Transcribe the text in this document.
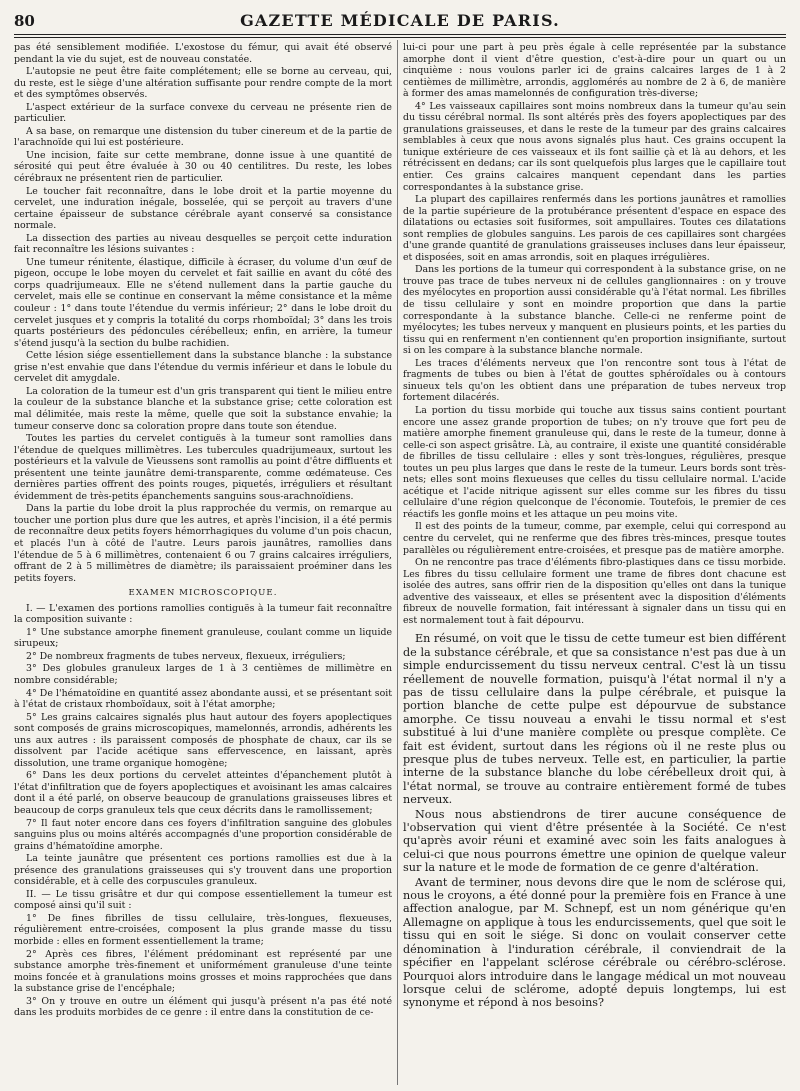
80	GAZETTE MÉDICALE DE PARIS.

pas été sensiblement modifiée. L'exostose du fémur, qui avait été observé pendant la vie du sujet, est de nouveau constatée.

L'autopsie ne peut être faite complétement; elle se borne au cerveau, qui, du reste, est le siège d'une altération suffisante pour rendre compte de la mort et des symptômes observés.

L'aspect extérieur de la surface convexe du cerveau ne présente rien de particulier.

A sa base, on remarque une distension du tuber cinereum et de la partie de l'arachnoïde qui lui est postérieure.

Une incision, faite sur cette membrane, donne issue à une quantité de sérosité qui peut être évaluée à 30 ou 40 centilitres. Du reste, les lobes cérébraux ne présentent rien de particulier.

Le toucher fait reconnaître, dans le lobe droit et la partie moyenne du cervelet, une induration inégale, bosselée, qui se perçoit au travers d'une certaine épaisseur de substance cérébrale ayant conservé sa consistance normale.

La dissection des parties au niveau desquelles se perçoit cette induration fait reconnaître les lésions suivantes :

Une tumeur rénitente, élastique, difficile à écraser, du volume d'un œuf de pigeon, occupe le lobe moyen du cervelet et fait saillie en avant du côté des corps quadrijumeaux. Elle ne s'étend nullement dans la partie gauche du cervelet, mais elle se continue en conservant la même consistance et la même couleur : 1° dans toute l'étendue du vermis inférieur; 2° dans le lobe droit du cervelet jusques et y compris la totalité du corps rhomboïdal; 3° dans les trois quarts postérieurs des pédoncules cérébelleux; enfin, en arrière, la tumeur s'étend jusqu'à la section du bulbe rachidien.

Cette lésion siége essentiellement dans la substance blanche : la substance grise n'est envahie que dans l'étendue du vermis inférieur et dans le lobule du cervelet dit amygdale.

La coloration de la tumeur est d'un gris transparent qui tient le milieu entre la couleur de la substance blanche et la substance grise; cette coloration est mal délimitée, mais reste la même, quelle que soit la substance envahie; la tumeur conserve donc sa coloration propre dans toute son étendue.

Toutes les parties du cervelet contiguës à la tumeur sont ramollies dans l'étendue de quelques millimètres. Les tubercules quadrijumeaux, surtout les postérieurs et la valvule de Vieussens sont ramollis au point d'être diffluents et présentent une teinte jaunâtre demi-transparente, comme œdémateuse. Ces dernières parties offrent des points rouges, piquetés, irréguliers et résultant évidemment de très-petits épanchements sanguins sous-arachnoïdiens.

Dans la partie du lobe droit la plus rapprochée du vermis, on remarque au toucher une portion plus dure que les autres, et après l'incision, il a été permis de reconnaître deux petits foyers hémorrhagiques du volume d'un pois chacun, et placés l'un à côté de l'autre. Leurs parois jaunâtres, ramollies dans l'étendue de 5 à 6 millimètres, contenaient 6 ou 7 grains calcaires irréguliers, offrant de 2 à 5 millimètres de diamètre; ils paraissaient proéminer dans les petits foyers.

EXAMEN MICROSCOPIQUE.

I. — L'examen des portions ramollies contiguës à la tumeur fait reconnaître la composition suivante :

1° Une substance amorphe finement granuleuse, coulant comme un liquide sirupeux;

2° De nombreux fragments de tubes nerveux, flexueux, irréguliers;

3° Des globules granuleux larges de 1 à 3 centièmes de millimètre en nombre considérable;

4° De l'hématoïdine en quantité assez abondante aussi, et se présentant soit à l'état de cristaux rhomboïdaux, soit à l'état amorphe;

5° Les grains calcaires signalés plus haut autour des foyers apoplectiques sont composés de grains microscopiques, mamelonnés, arrondis, adhérents les uns aux autres : ils paraissent composés de phosphate de chaux, car ils se dissolvent par l'acide acétique sans effervescence, en laissant, après dissolution, une trame organique homogène;

6° Dans les deux portions du cervelet atteintes d'épanchement plutôt à l'état d'infiltration que de foyers apoplectiques et avoisinant les amas calcaires dont il a été parlé, on observe beaucoup de granulations graisseuses libres et beaucoup de corps granuleux tels que ceux décrits dans le ramollissement;

7° Il faut noter encore dans ces foyers d'infiltration sanguine des globules sanguins plus ou moins altérés accompagnés d'une proportion considérable de grains d'hématoïdine amorphe.

La teinte jaunâtre que présentent ces portions ramollies est due à la présence des granulations graisseuses qui s'y trouvent dans une proportion considérable, et à celle des corpuscules granuleux.

II. — Le tissu grisâtre et dur qui compose essentiellement la tumeur est composé ainsi qu'il suit :

1° De fines fibrilles de tissu cellulaire, très-longues, flexueuses, régulièrement entre-croisées, composent la plus grande masse du tissu morbide : elles en forment essentiellement la trame;

2° Après ces fibres, l'élément prédominant est représenté par une substance amorphe très-finement et uniformément granuleuse d'une teinte moins foncée et à granulations moins grosses et moins rapprochées que dans la substance grise de l'encéphale;

3° On y trouve en outre un élément qui jusqu'à présent n'a pas été noté dans les produits morbides de ce genre : il entre dans la constitution de ce-

lui-ci pour une part à peu près égale à celle représentée par la substance amorphe dont il vient d'être question, c'est-à-dire pour un quart ou un cinquième : nous voulons parler ici de grains calcaires larges de 1 à 2 centièmes de millimètre, arrondis, agglomérés au nombre de 2 à 6, de manière à former des amas mamelonnés de configuration très-diverse;

4° Les vaisseaux capillaires sont moins nombreux dans la tumeur qu'au sein du tissu cérébral normal. Ils sont altérés près des foyers apoplectiques par des granulations graisseuses, et dans le reste de la tumeur par des grains calcaires semblables à ceux que nous avons signalés plus haut. Ces grains occupent la tunique extérieure de ces vaisseaux et ils font saillie çà et là au dehors, et les rétrécissent en dedans; car ils sont quelquefois plus larges que le capillaire tout entier. Ces grains calcaires manquent cependant dans les parties correspondantes à la substance grise.

La plupart des capillaires renfermés dans les portions jaunâtres et ramollies de la partie supérieure de la protubérance présentent d'espace en espace des dilatations ou ectasies soit fusiformes, soit ampullaires. Toutes ces dilatations sont remplies de globules sanguins. Les parois de ces capillaires sont chargées d'une grande quantité de granulations graisseuses incluses dans leur épaisseur, et disposées, soit en amas arrondis, soit en plaques irrégulières.

Dans les portions de la tumeur qui correspondent à la substance grise, on ne trouve pas trace de tubes nerveux ni de cellules ganglionnaires : on y trouve des myélocytes en proportion aussi considérable qu'à l'état normal. Les fibrilles de tissu cellulaire y sont en moindre proportion que dans la partie correspondante à la substance blanche. Celle-ci ne renferme point de myélocytes; les tubes nerveux y manquent en plusieurs points, et les parties du tissu qui en renferment n'en contiennent qu'en proportion insignifiante, surtout si on les compare à la substance blanche normale.

Les traces d'éléments nerveux que l'on rencontre sont tous à l'état de fragments de tubes ou bien à l'état de gouttes sphéroïdales ou à contours sinueux tels qu'on les obtient dans une préparation de tubes nerveux trop fortement dilacérés.

La portion du tissu morbide qui touche aux tissus sains contient pourtant encore une assez grande proportion de tubes; on n'y trouve que fort peu de matière amorphe finement granuleuse qui, dans le reste de la tumeur, donne à celle-ci son aspect grisâtre. Là, au contraire, il existe une quantité considérable de fibrilles de tissu cellulaire : elles y sont très-longues, régulières, presque toutes un peu plus larges que dans le reste de la tumeur. Leurs bords sont très-nets; elles sont moins flexueuses que celles du tissu cellulaire normal. L'acide acétique et l'acide nitrique agissent sur elles comme sur les fibres du tissu cellulaire d'une région quelconque de l'économie. Toutefois, le premier de ces réactifs les gonfle moins et les attaque un peu moins vite.

Il est des points de la tumeur, comme, par exemple, celui qui correspond au centre du cervelet, qui ne renferme que des fibres très-minces, presque toutes parallèles ou régulièrement entre-croisées, et presque pas de matière amorphe.

On ne rencontre pas trace d'éléments fibro-plastiques dans ce tissu morbide. Les fibres du tissu cellulaire forment une trame de fibres dont chacune est isolée des autres, sans offrir rien de la disposition qu'elles ont dans la tunique adventive des vaisseaux, et elles se présentent avec la disposition d'éléments fibreux de nouvelle formation, fait intéressant à signaler dans un tissu qui en est normalement tout à fait dépourvu.

En résumé, on voit que le tissu de cette tumeur est bien différent de la substance cérébrale, et que sa consistance n'est pas due à un simple endurcissement du tissu nerveux central. C'est là un tissu réellement de nouvelle formation, puisqu'à l'état normal il n'y a pas de tissu cellulaire dans la pulpe cérébrale, et puisque la portion blanche de cette pulpe est dépourvue de substance amorphe. Ce tissu nouveau a envahi le tissu normal et s'est substitué à lui d'une manière complète ou presque complète. Ce fait est évident, surtout dans les régions où il ne reste plus ou presque plus de tubes nerveux. Telle est, en particulier, la partie interne de la substance blanche du lobe cérébelleux droit qui, à l'état normal, se trouve au contraire entièrement formé de tubes nerveux.

Nous nous abstiendrons de tirer aucune conséquence de l'observation qui vient d'être présentée à la Société. Ce n'est qu'après avoir réuni et examiné avec soin les faits analogues à celui-ci que nous pourrons émettre une opinion de quelque valeur sur la nature et le mode de formation de ce genre d'altération.

Avant de terminer, nous devons dire que le nom de sclérose qui, nous le croyons, a été donné pour la première fois en France à une affection analogue, par M. Schnepf, est un nom générique qu'en Allemagne on applique à tous les endurcissements, quel que soit le tissu qui en soit le siége. Si donc on voulait conserver cette dénomination à l'induration cérébrale, il conviendrait de la spécifier en l'appelant sclérose cérébrale ou cérébro-sclérose. Pourquoi alors introduire dans le langage médical un mot nouveau lorsque celui de sclérome, adopté depuis longtemps, lui est synonyme et répond à nos besoins?
